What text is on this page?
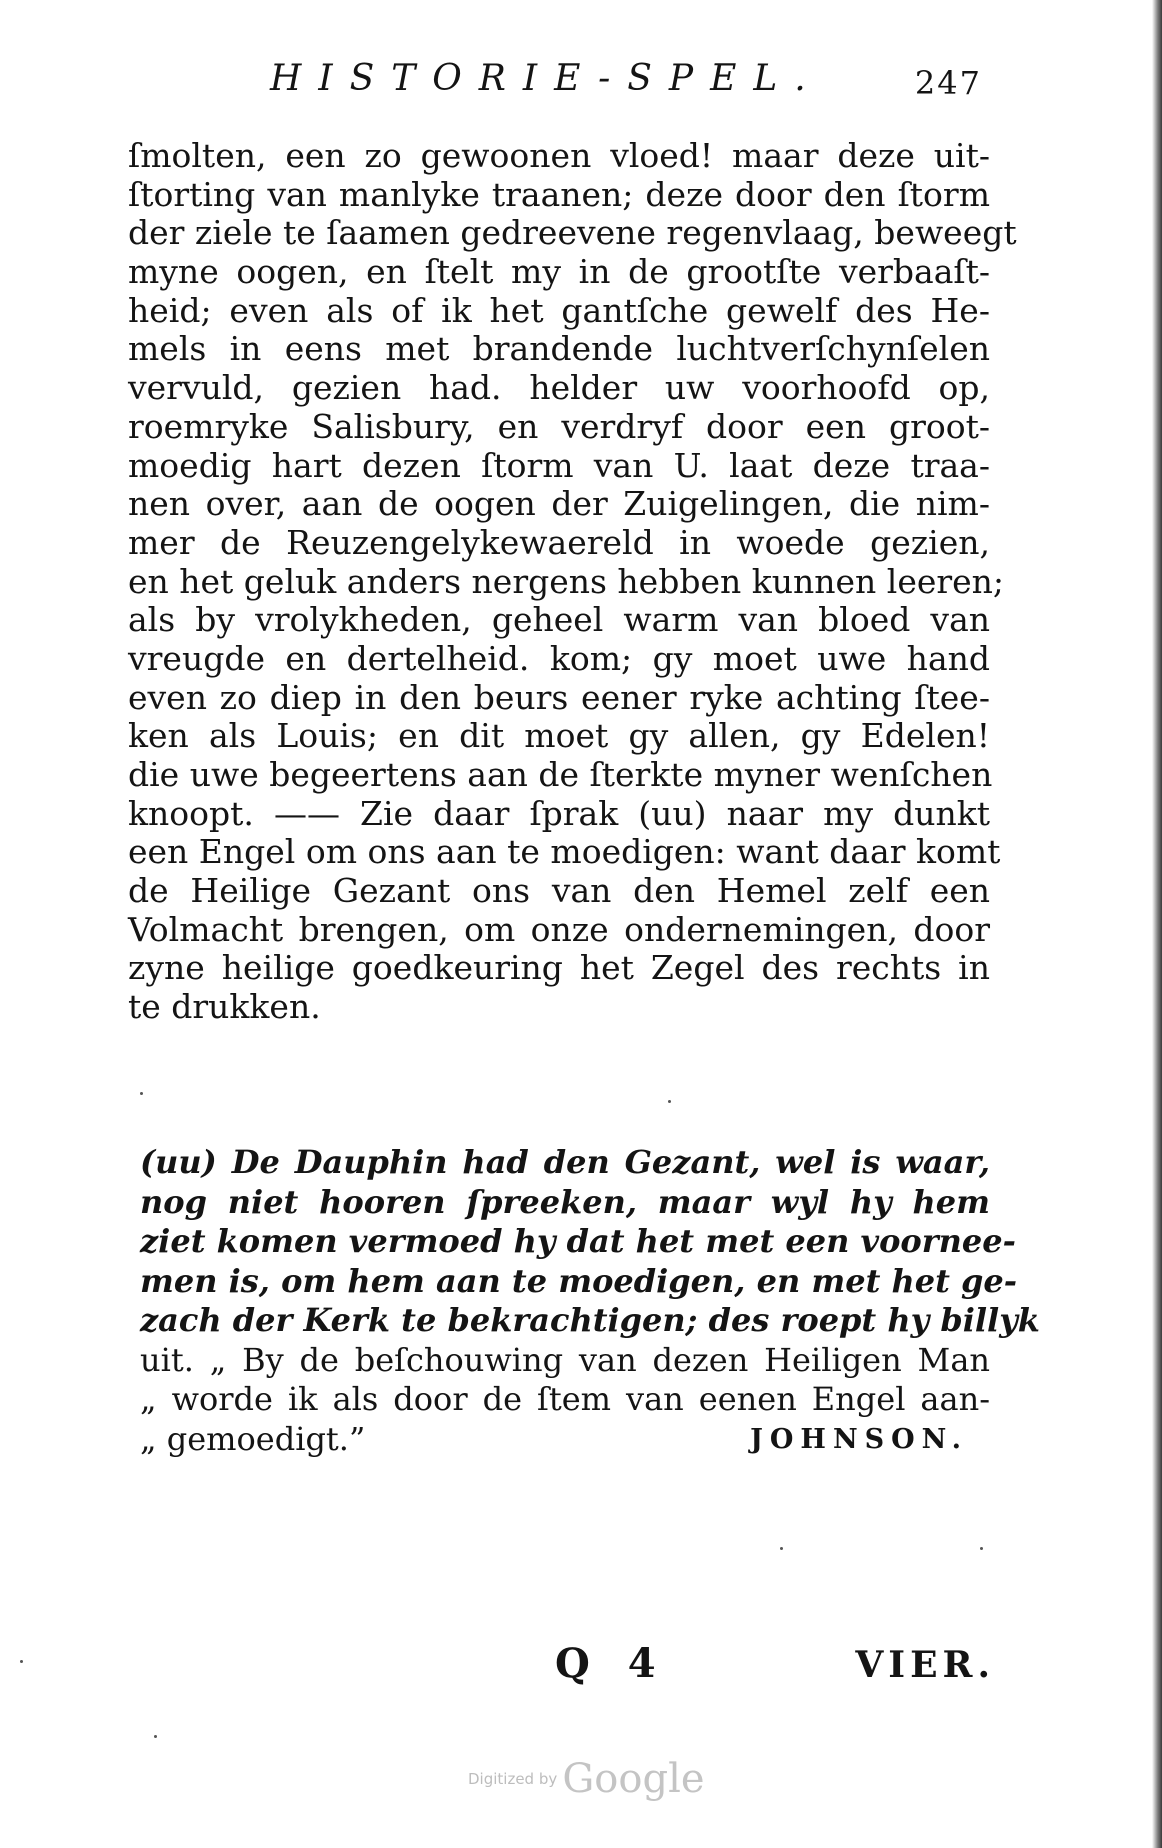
HISTORIE-SPEL.	247
ſmolten, een zo gewoonen vloed! maar deze uit-
ſtorting van manlyke traanen; deze door den ſtorm
der ziele te ſaamen gedreevene regenvlaag, beweegt
myne oogen, en ſtelt my in de grootſte verbaaſt-
heid; even als of ik het gantſche gewelf des He-
mels in eens met brandende luchtverſchynſelen
vervuld, gezien had. helder uw voorhoofd op,
roemryke Salisbury, en verdryf door een groot-
moedig hart dezen ſtorm van U. laat deze traa-
nen over, aan de oogen der Zuigelingen, die nim-
mer de Reuzengelykewaereld in woede gezien,
en het geluk anders nergens hebben kunnen leeren;
als by vrolykheden, geheel warm van bloed van
vreugde en dertelheid. kom; gy moet uwe hand
even zo diep in den beurs eener ryke achting ſtee-
ken als Louis; en dit moet gy allen, gy Edelen!
die uwe begeertens aan de ſterkte myner wenſchen
knoopt. —— Zie daar ſprak (uu) naar my dunkt
een Engel om ons aan te moedigen: want daar komt
de Heilige Gezant ons van den Hemel zelf een
Volmacht brengen, om onze ondernemingen, door
zyne heilige goedkeuring het Zegel des rechts in
te drukken.
(uu) De Dauphin had den Gezant, wel is waar,
nog niet hooren ſpreeken, maar wyl hy hem
ziet komen vermoed hy dat het met een voornee-
men is, om hem aan te moedigen, en met het ge-
zach der Kerk te bekrachtigen; des roept hy billyk
uit. „ By de beſchouwing van dezen Heiligen Man
„ worde ik als door de ſtem van eenen Engel aan-
„ gemoedigt.”	JOHNSON.
Q 4	VIER.
Digitized by Google
